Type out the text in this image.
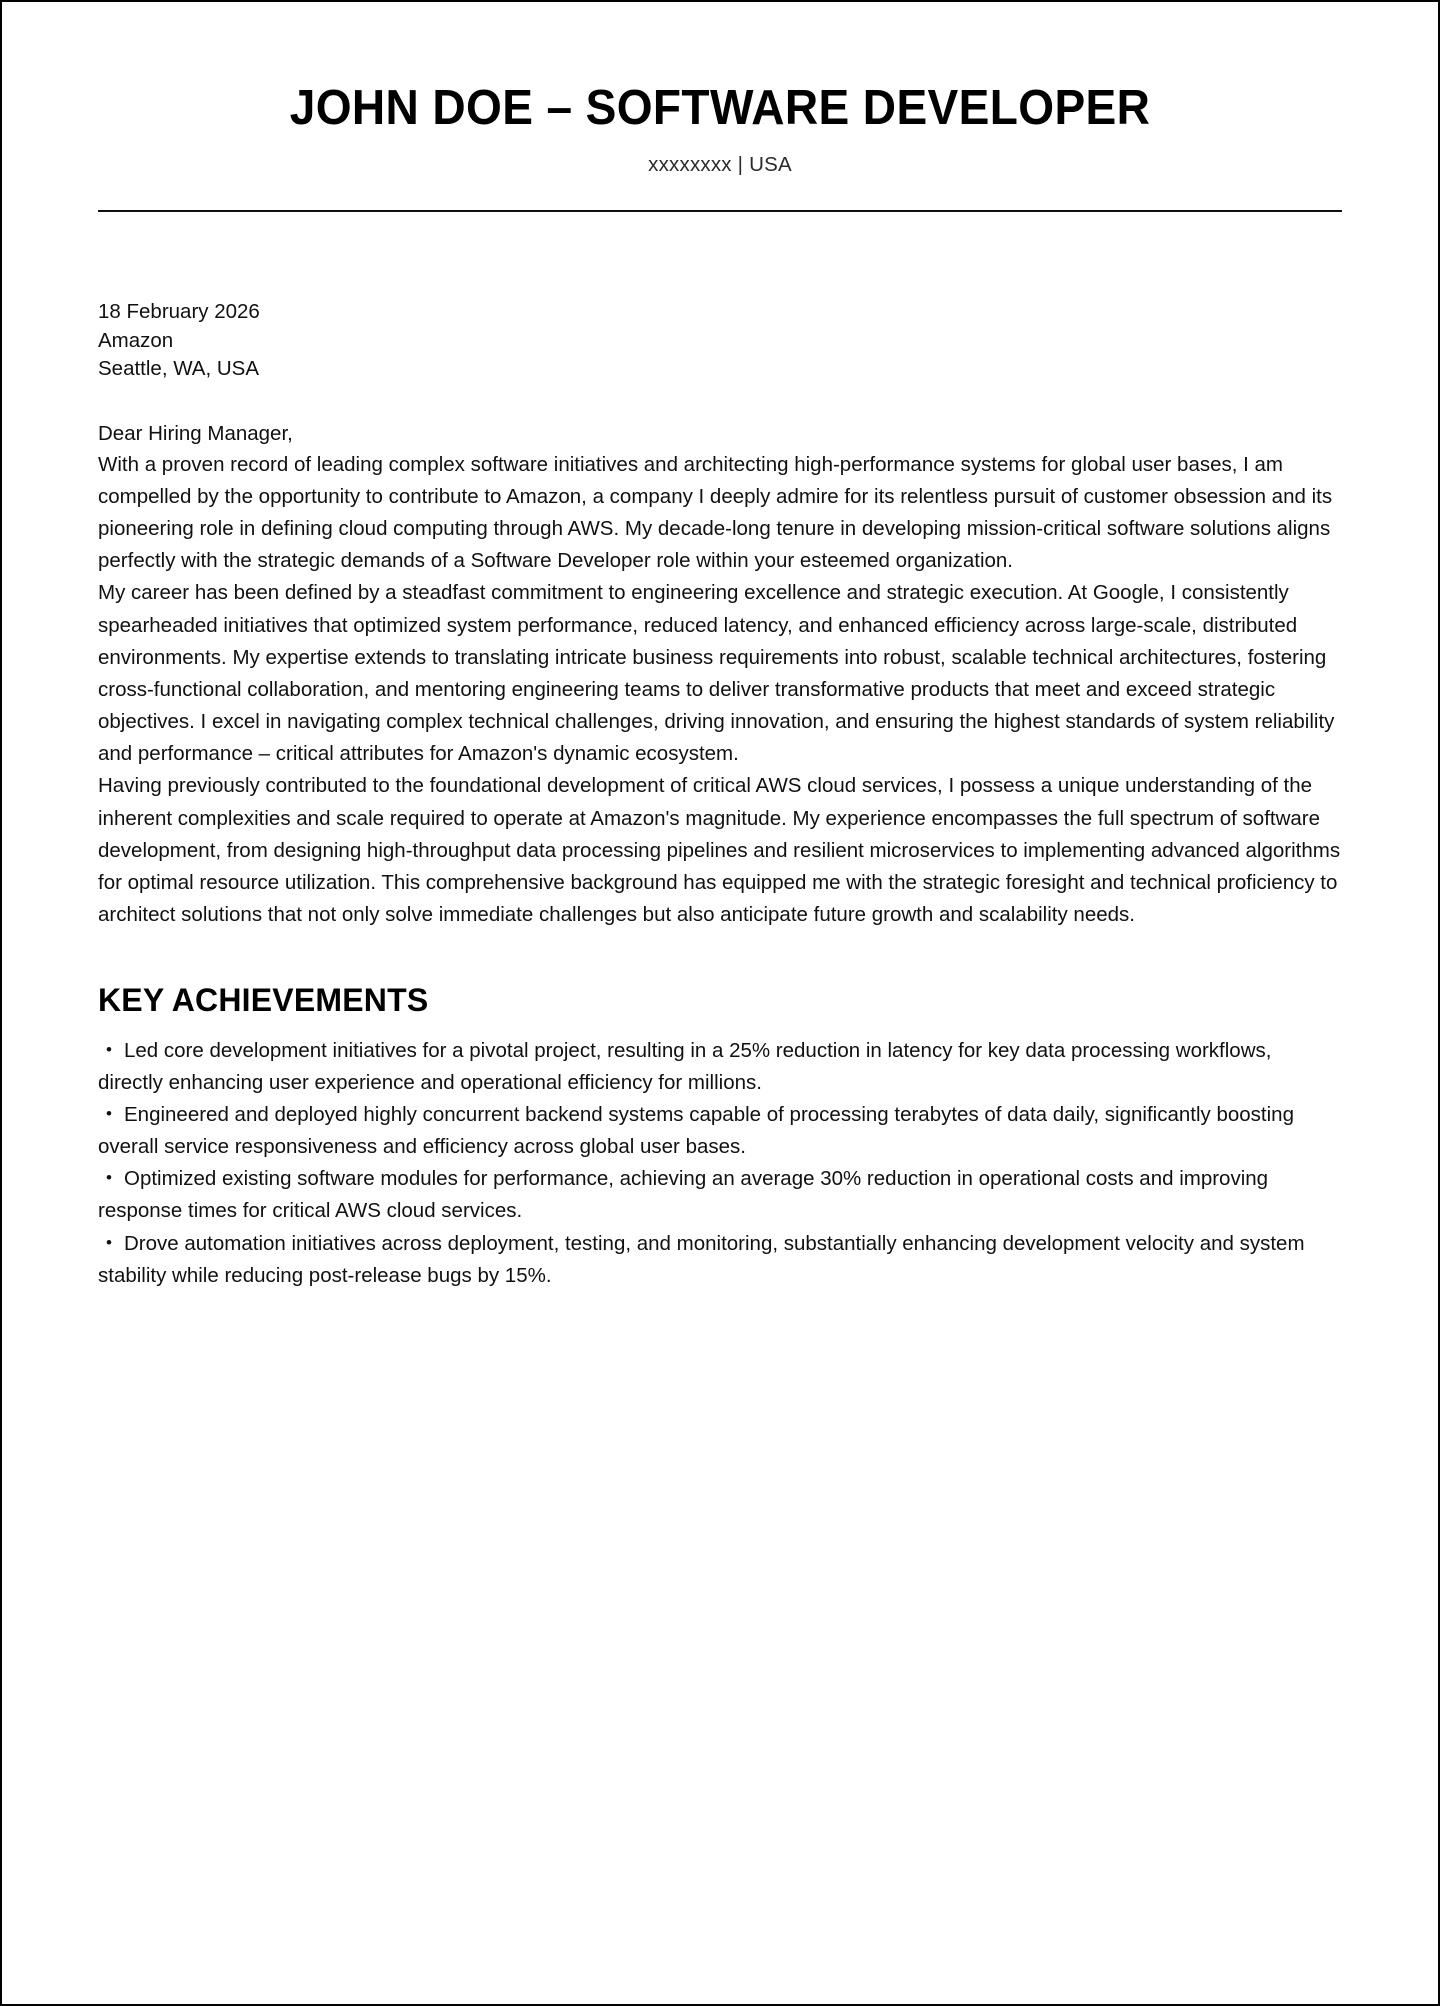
JOHN DOE – SOFTWARE DEVELOPER
xxxxxxxx | USA
18 February 2026
Amazon
Seattle, WA, USA

Dear Hiring Manager,

With a proven record of leading complex software initiatives and architecting high-performance systems for global user bases, I am compelled by the opportunity to contribute to Amazon, a company I deeply admire for its relentless pursuit of customer obsession and its pioneering role in defining cloud computing through AWS. My decade-long tenure in developing mission-critical software solutions aligns perfectly with the strategic demands of a Software Developer role within your esteemed organization.

My career has been defined by a steadfast commitment to engineering excellence and strategic execution. At Google, I consistently spearheaded initiatives that optimized system performance, reduced latency, and enhanced efficiency across large-scale, distributed environments. My expertise extends to translating intricate business requirements into robust, scalable technical architectures, fostering cross-functional collaboration, and mentoring engineering teams to deliver transformative products that meet and exceed strategic objectives. I excel in navigating complex technical challenges, driving innovation, and ensuring the highest standards of system reliability and performance – critical attributes for Amazon's dynamic ecosystem.

Having previously contributed to the foundational development of critical AWS cloud services, I possess a unique understanding of the inherent complexities and scale required to operate at Amazon's magnitude. My experience encompasses the full spectrum of software development, from designing high-throughput data processing pipelines and resilient microservices to implementing advanced algorithms for optimal resource utilization. This comprehensive background has equipped me with the strategic foresight and technical proficiency to architect solutions that not only solve immediate challenges but also anticipate future growth and scalability needs.

KEY ACHIEVEMENTS
• Led core development initiatives for a pivotal project, resulting in a 25% reduction in latency for key data processing workflows, directly enhancing user experience and operational efficiency for millions.
• Engineered and deployed highly concurrent backend systems capable of processing terabytes of data daily, significantly boosting overall service responsiveness and efficiency across global user bases.
• Optimized existing software modules for performance, achieving an average 30% reduction in operational costs and improving response times for critical AWS cloud services.
• Drove automation initiatives across deployment, testing, and monitoring, substantially enhancing development velocity and system stability while reducing post-release bugs by 15%.
